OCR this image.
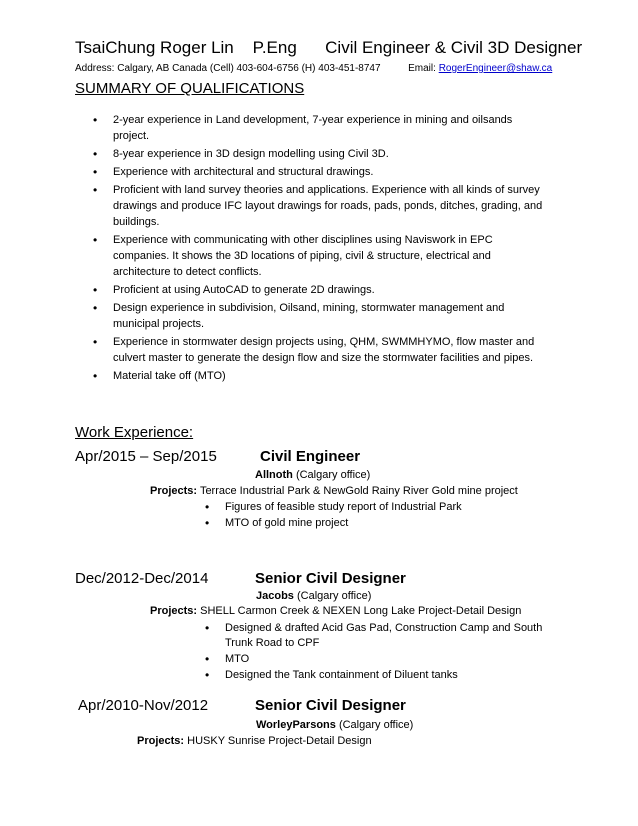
TsaiChung Roger Lin P.Eng Civil Engineer & Civil 3D Designer
Address: Calgary, AB Canada (Cell) 403-604-6756 (H) 403-451-8747	Email: RogerEngineer@shaw.ca
SUMMARY OF QUALIFICATIONS
• 2-year experience in Land development, 7-year experience in mining and oilsands project.
• 8-year experience in 3D design modelling using Civil 3D.
• Experience with architectural and structural drawings.
• Proficient with land survey theories and applications. Experience with all kinds of survey drawings and produce IFC layout drawings for roads, pads, ponds, ditches, grading, and buildings.
• Experience with communicating with other disciplines using Naviswork in EPC companies. It shows the 3D locations of piping, civil & structure, electrical and architecture to detect conflicts.
• Proficient at using AutoCAD to generate 2D drawings.
• Design experience in subdivision, Oilsand, mining, stormwater management and municipal projects.
• Experience in stormwater design projects using, QHM, SWMMHYMO, flow master and culvert master to generate the design flow and size the stormwater facilities and pipes.
• Material take off (MTO)
Work Experience:
Apr/2015 – Sep/2015	Civil Engineer
Allnoth (Calgary office)
Projects: Terrace Industrial Park & NewGold Rainy River Gold mine project
• Figures of feasible study report of Industrial Park
• MTO of gold mine project
Dec/2012-Dec/2014	Senior Civil Designer
Jacobs (Calgary office)
Projects: SHELL Carmon Creek & NEXEN Long Lake Project-Detail Design
• Designed & drafted Acid Gas Pad, Construction Camp and South Trunk Road to CPF
• MTO
• Designed the Tank containment of Diluent tanks
Apr/2010-Nov/2012	Senior Civil Designer
WorleyParsons (Calgary office)
Projects: HUSKY Sunrise Project-Detail Design
